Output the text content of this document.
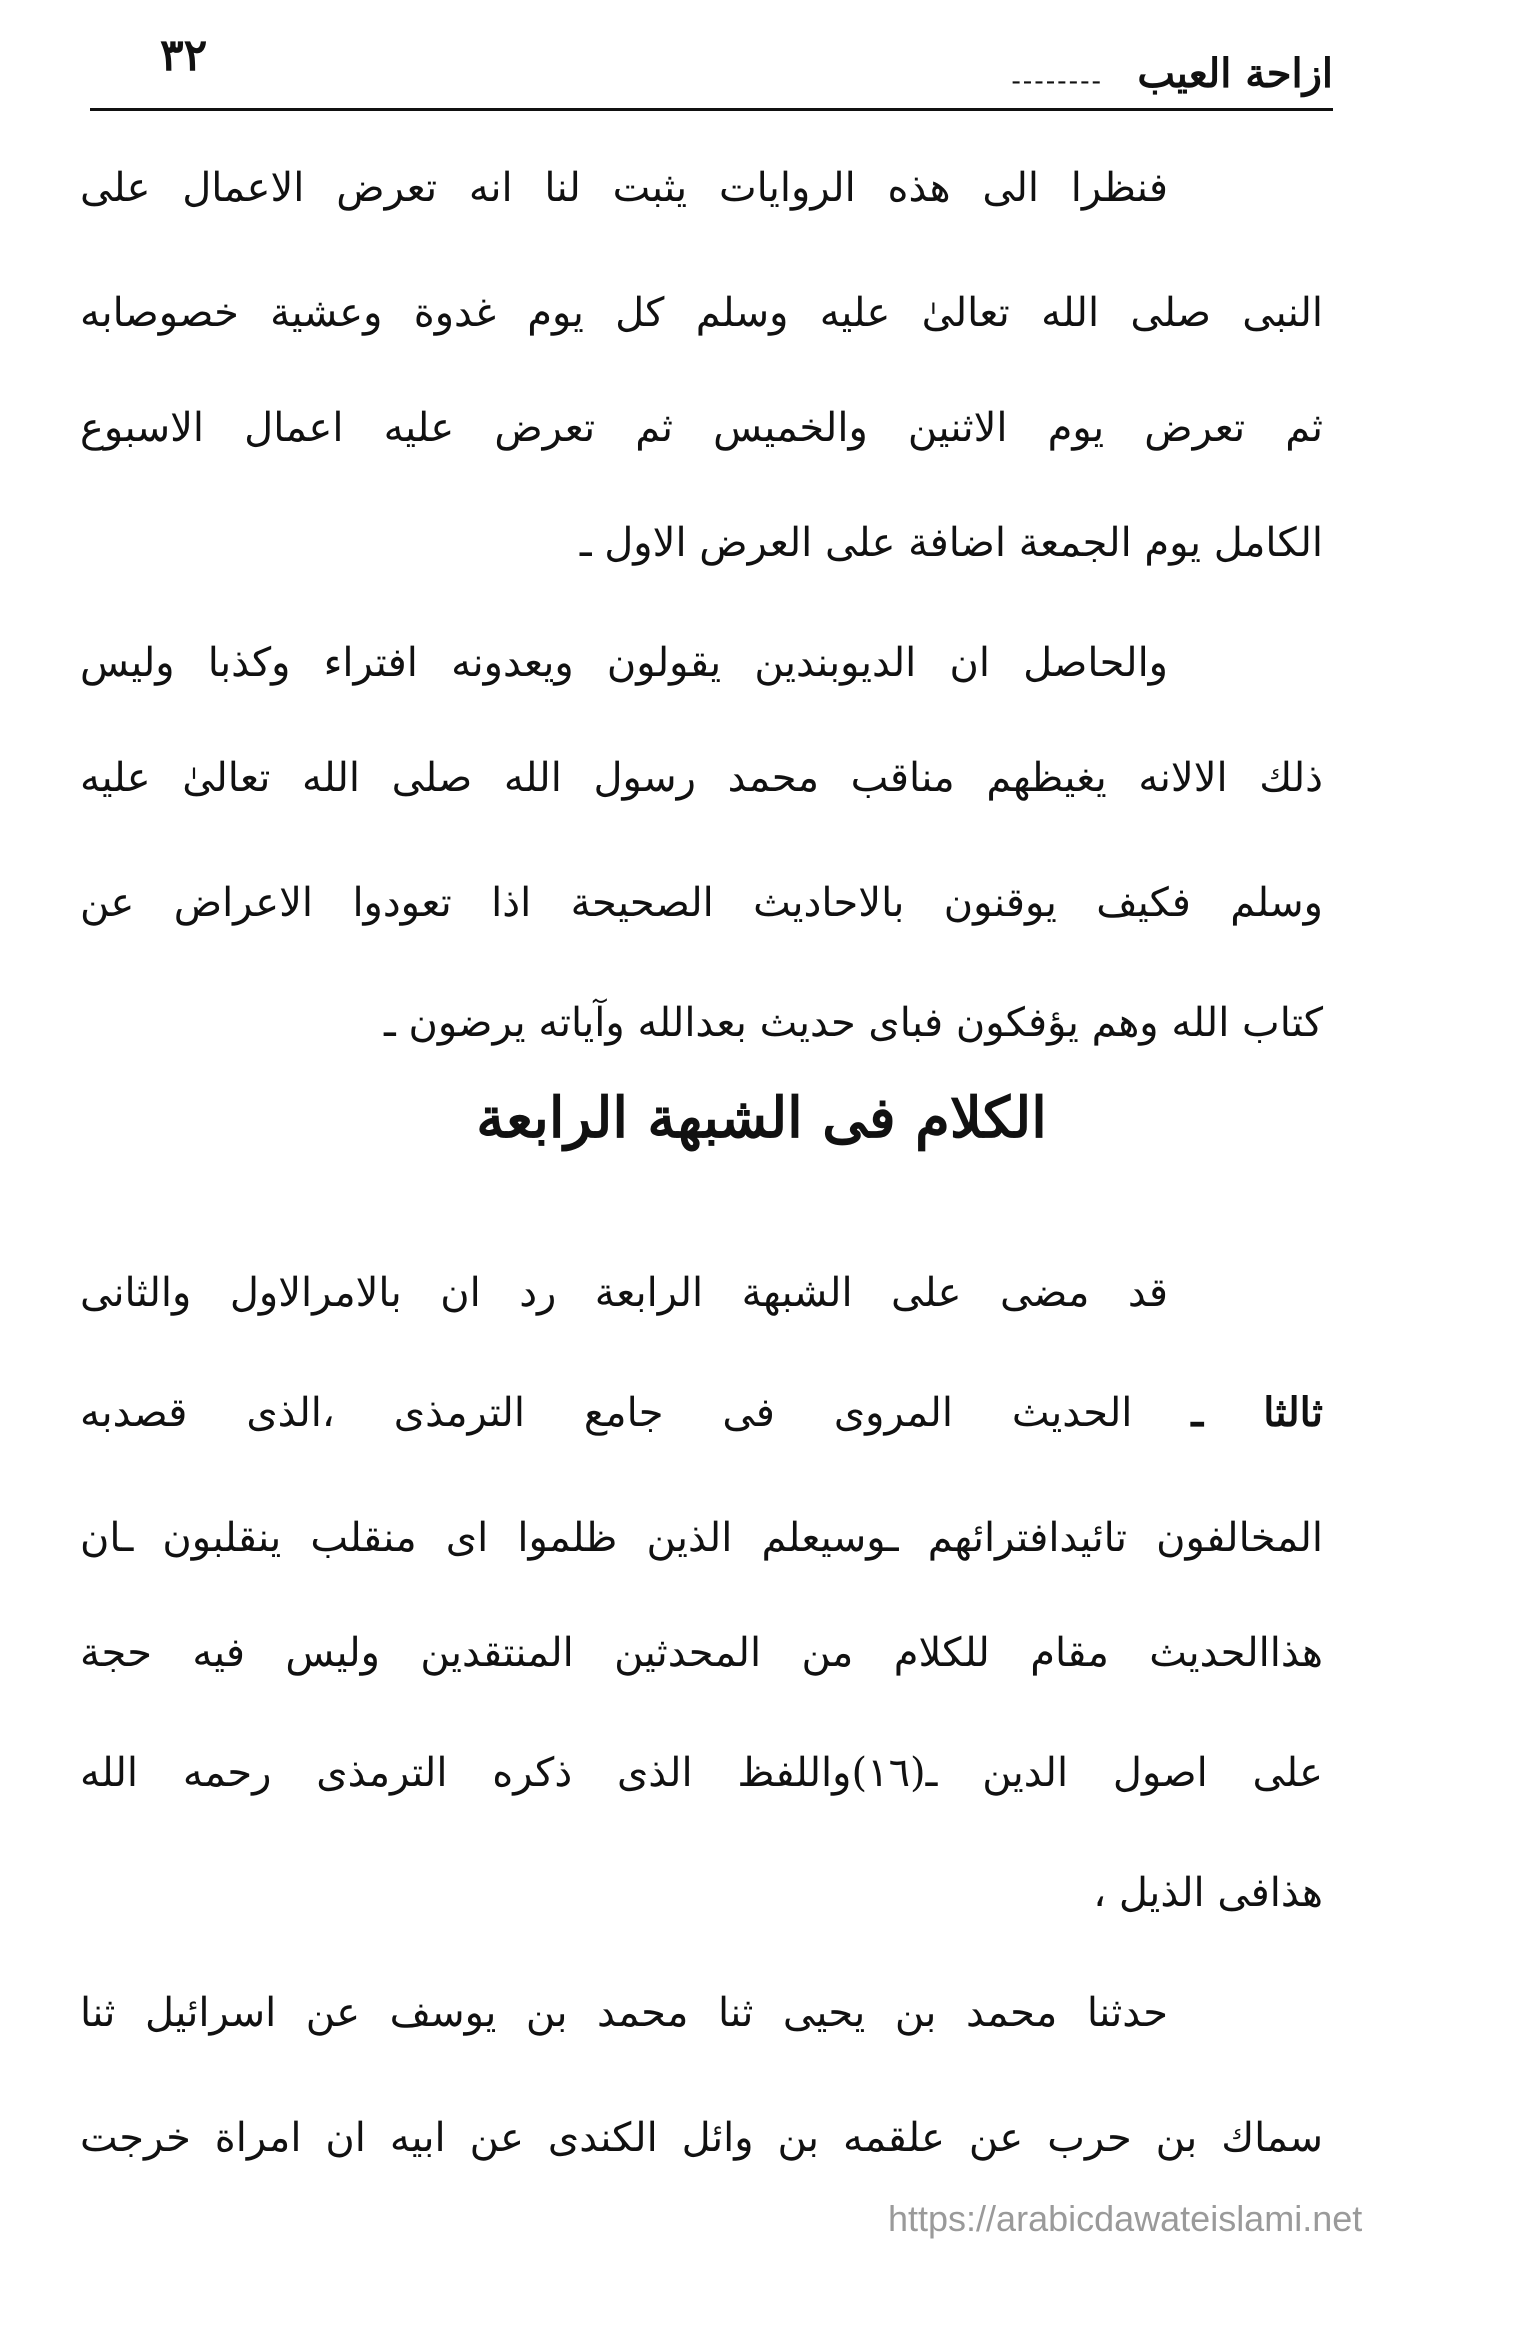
٣٢	-------- ازاحة العيب
فنظرا الى هذه الروايات يثبت لنا انه تعرض الاعمال على
النبى صلى الله تعالىٰ عليه وسلم كل يوم غدوة وعشية خصوصابه
ثم تعرض يوم الاثنين والخميس ثم تعرض عليه اعمال الاسبوع
الكامل يوم الجمعة اضافة على العرض الاول ـ
والحاصل ان الديوبندين يقولون ويعدونه افتراء وكذبا وليس
ذلك الالانه يغيظهم مناقب محمد رسول الله صلى الله تعالىٰ عليه
وسلم فكيف يوقنون بالاحاديث الصحيحة اذا تعودوا الاعراض عن
كتاب الله وهم يؤفكون فباى حديث بعدالله وآياته يرضون ـ
الكلام فى الشبهة الرابعة
قد مضى على الشبهة الرابعة رد ان بالامرالاول والثانى
ثالثا ـ الحديث المروى فى جامع الترمذى ،الذى قصدبه
المخالفون تائيدافترائهم ـوسيعلم الذين ظلموا اى منقلب ينقلبون ـان
هذاالحديث مقام للكلام من المحدثين المنتقدين وليس فيه حجة
على اصول الدين ـ(١٦)واللفظ الذى ذكره الترمذى رحمه الله
هذافى الذيل ،
حدثنا محمد بن يحيى ثنا محمد بن يوسف عن اسرائيل ثنا
سماك بن حرب عن علقمه بن وائل الكندى عن ابيه ان امراة خرجت
https://arabicdawateislami.net
